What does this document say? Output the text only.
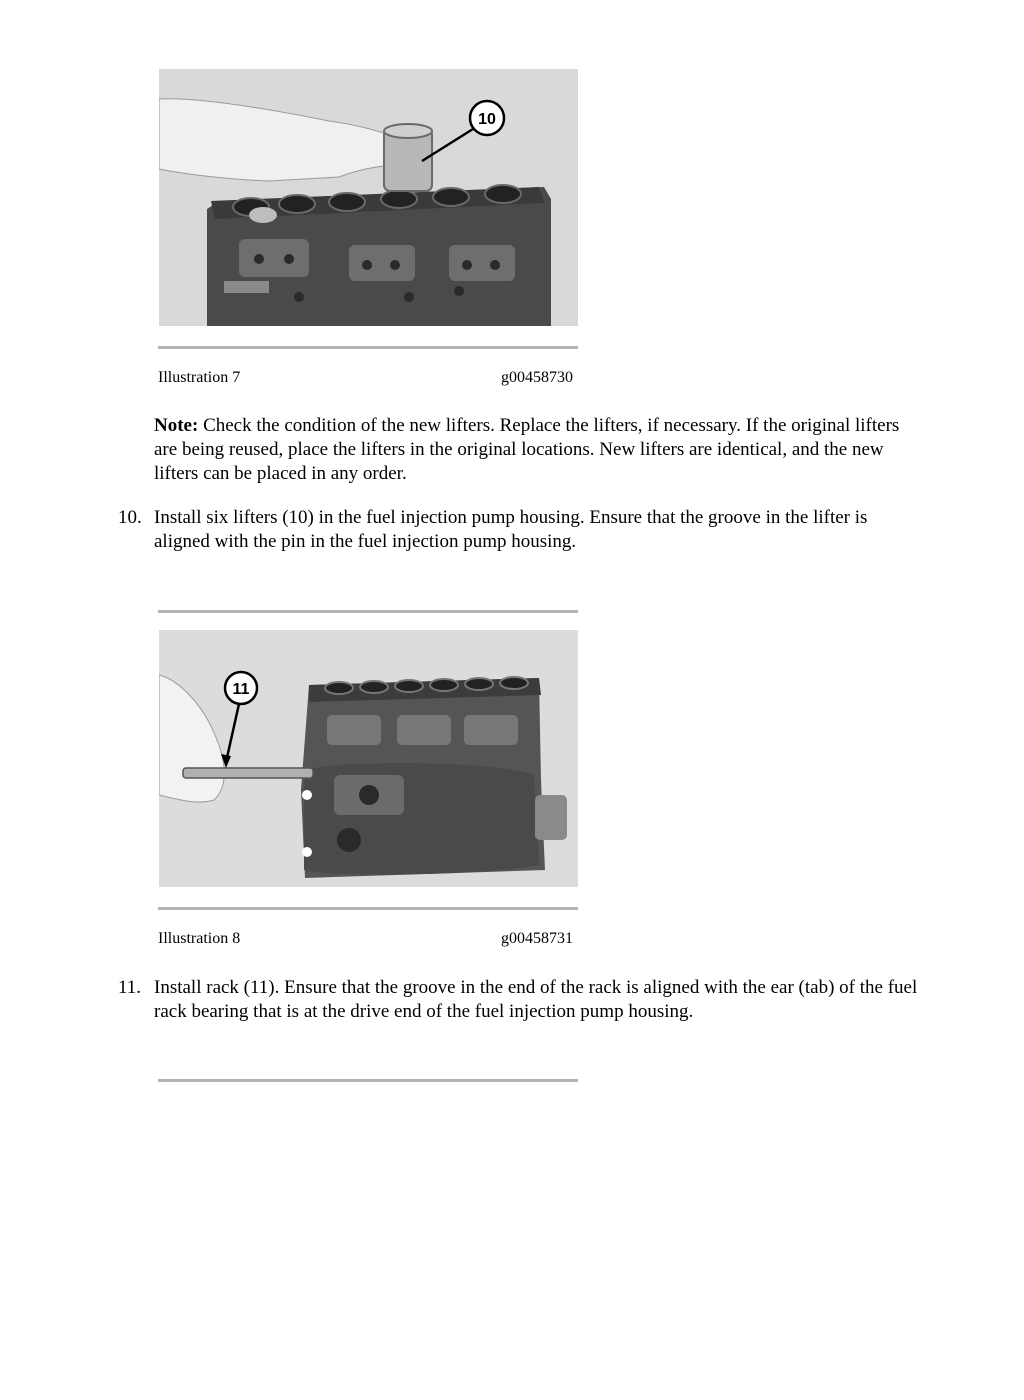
10
Illustration 7	g00458730
Note: Check the condition of the new lifters. Replace the lifters, if necessary. If the original lifters are being reused, place the lifters in the original locations. New lifters are identical, and the new lifters can be placed in any order.
10. Install six lifters (10) in the fuel injection pump housing. Ensure that the groove in the lifter is aligned with the pin in the fuel injection pump housing.
11
Illustration 8	g00458731
11. Install rack (11). Ensure that the groove in the end of the rack is aligned with the ear (tab) of the fuel rack bearing that is at the drive end of the fuel injection pump housing.
